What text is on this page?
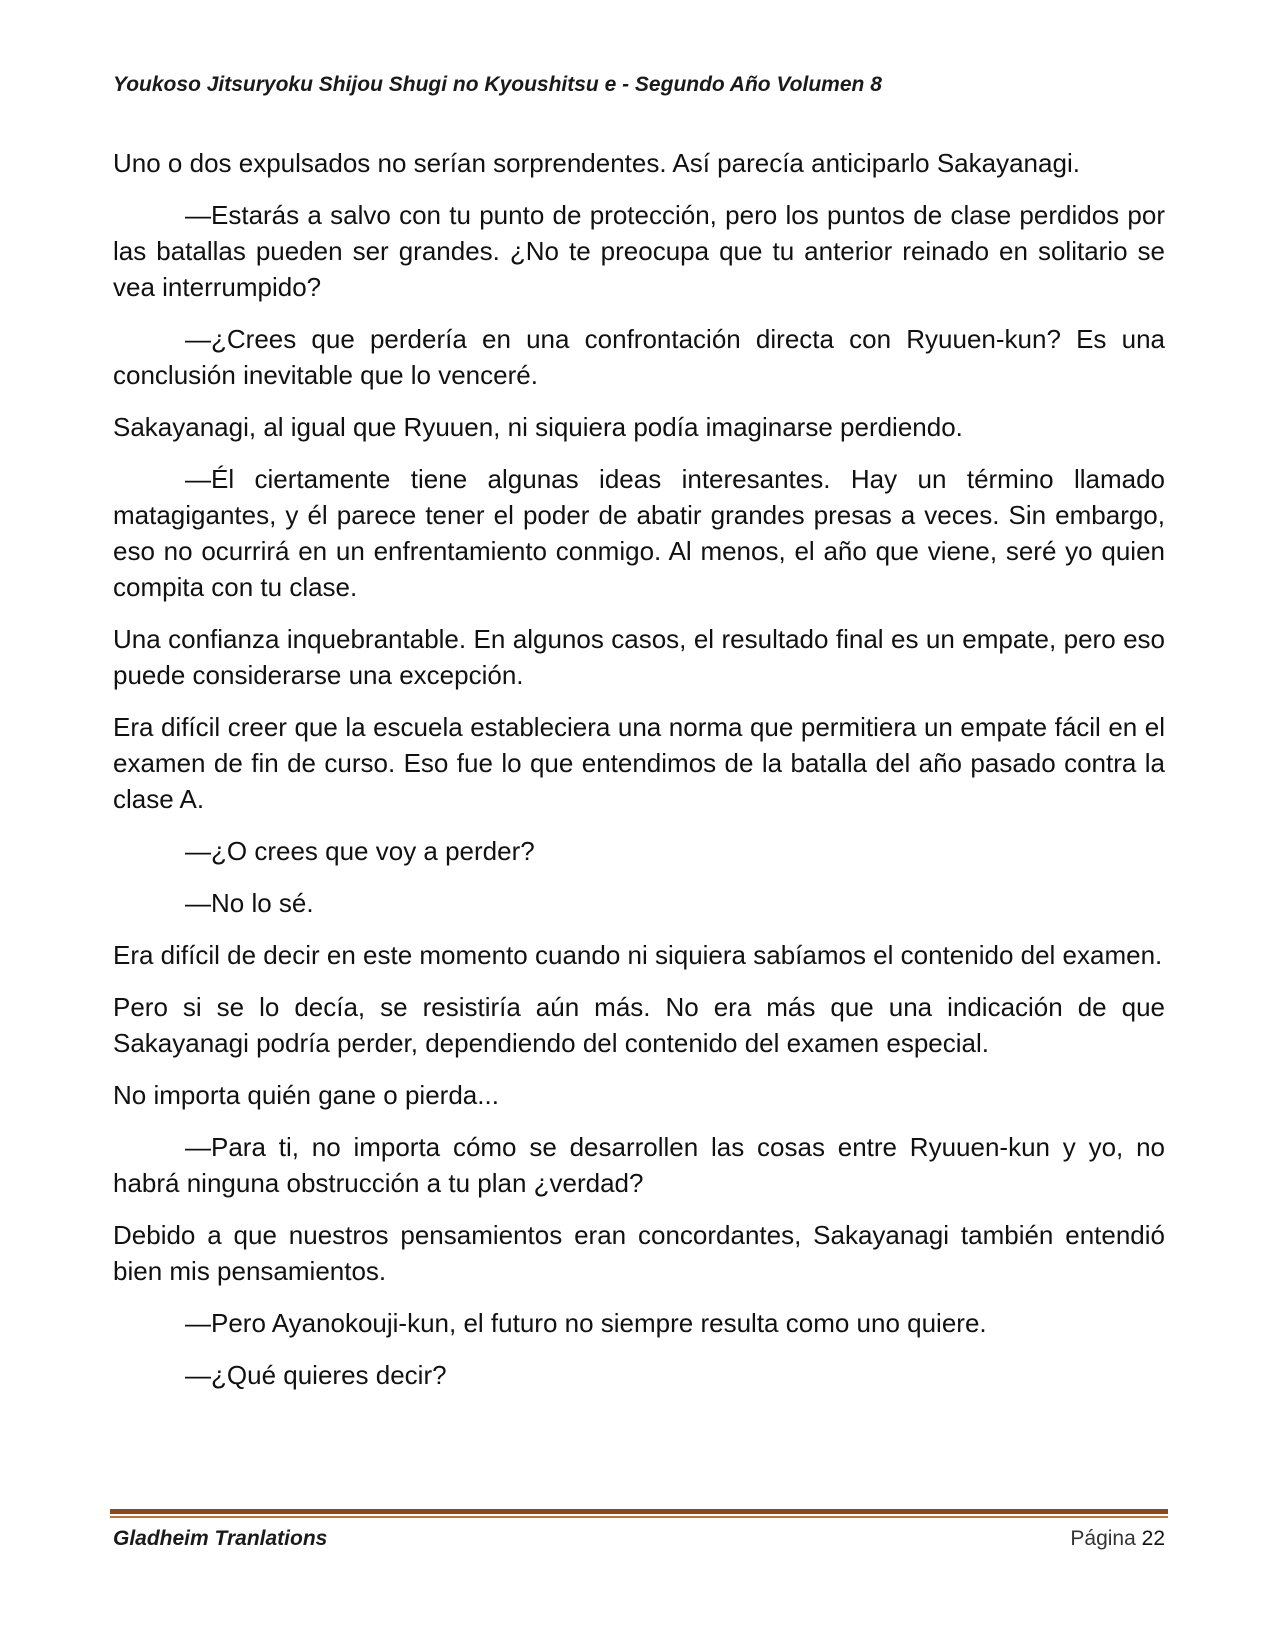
Youkoso Jitsuryoku Shijou Shugi no Kyoushitsu e - Segundo Año Volumen 8

Uno o dos expulsados no serían sorprendentes. Así parecía anticiparlo Sakayanagi.

—Estarás a salvo con tu punto de protección, pero los puntos de clase perdidos por las batallas pueden ser grandes. ¿No te preocupa que tu anterior reinado en solitario se vea interrumpido?

—¿Crees que perdería en una confrontación directa con Ryuuen-kun? Es una conclusión inevitable que lo venceré.

Sakayanagi, al igual que Ryuuen, ni siquiera podía imaginarse perdiendo.

—Él ciertamente tiene algunas ideas interesantes. Hay un término llamado matagigantes, y él parece tener el poder de abatir grandes presas a veces. Sin embargo, eso no ocurrirá en un enfrentamiento conmigo. Al menos, el año que viene, seré yo quien compita con tu clase.

Una confianza inquebrantable. En algunos casos, el resultado final es un empate, pero eso puede considerarse una excepción.

Era difícil creer que la escuela estableciera una norma que permitiera un empate fácil en el examen de fin de curso. Eso fue lo que entendimos de la batalla del año pasado contra la clase A.

—¿O crees que voy a perder?

—No lo sé.

Era difícil de decir en este momento cuando ni siquiera sabíamos el contenido del examen.

Pero si se lo decía, se resistiría aún más. No era más que una indicación de que Sakayanagi podría perder, dependiendo del contenido del examen especial.

No importa quién gane o pierda...

—Para ti, no importa cómo se desarrollen las cosas entre Ryuuen-kun y yo, no habrá ninguna obstrucción a tu plan ¿verdad?

Debido a que nuestros pensamientos eran concordantes, Sakayanagi también entendió bien mis pensamientos.

—Pero Ayanokouji-kun, el futuro no siempre resulta como uno quiere.

—¿Qué quieres decir?

Gladheim Tranlations	Página 22
